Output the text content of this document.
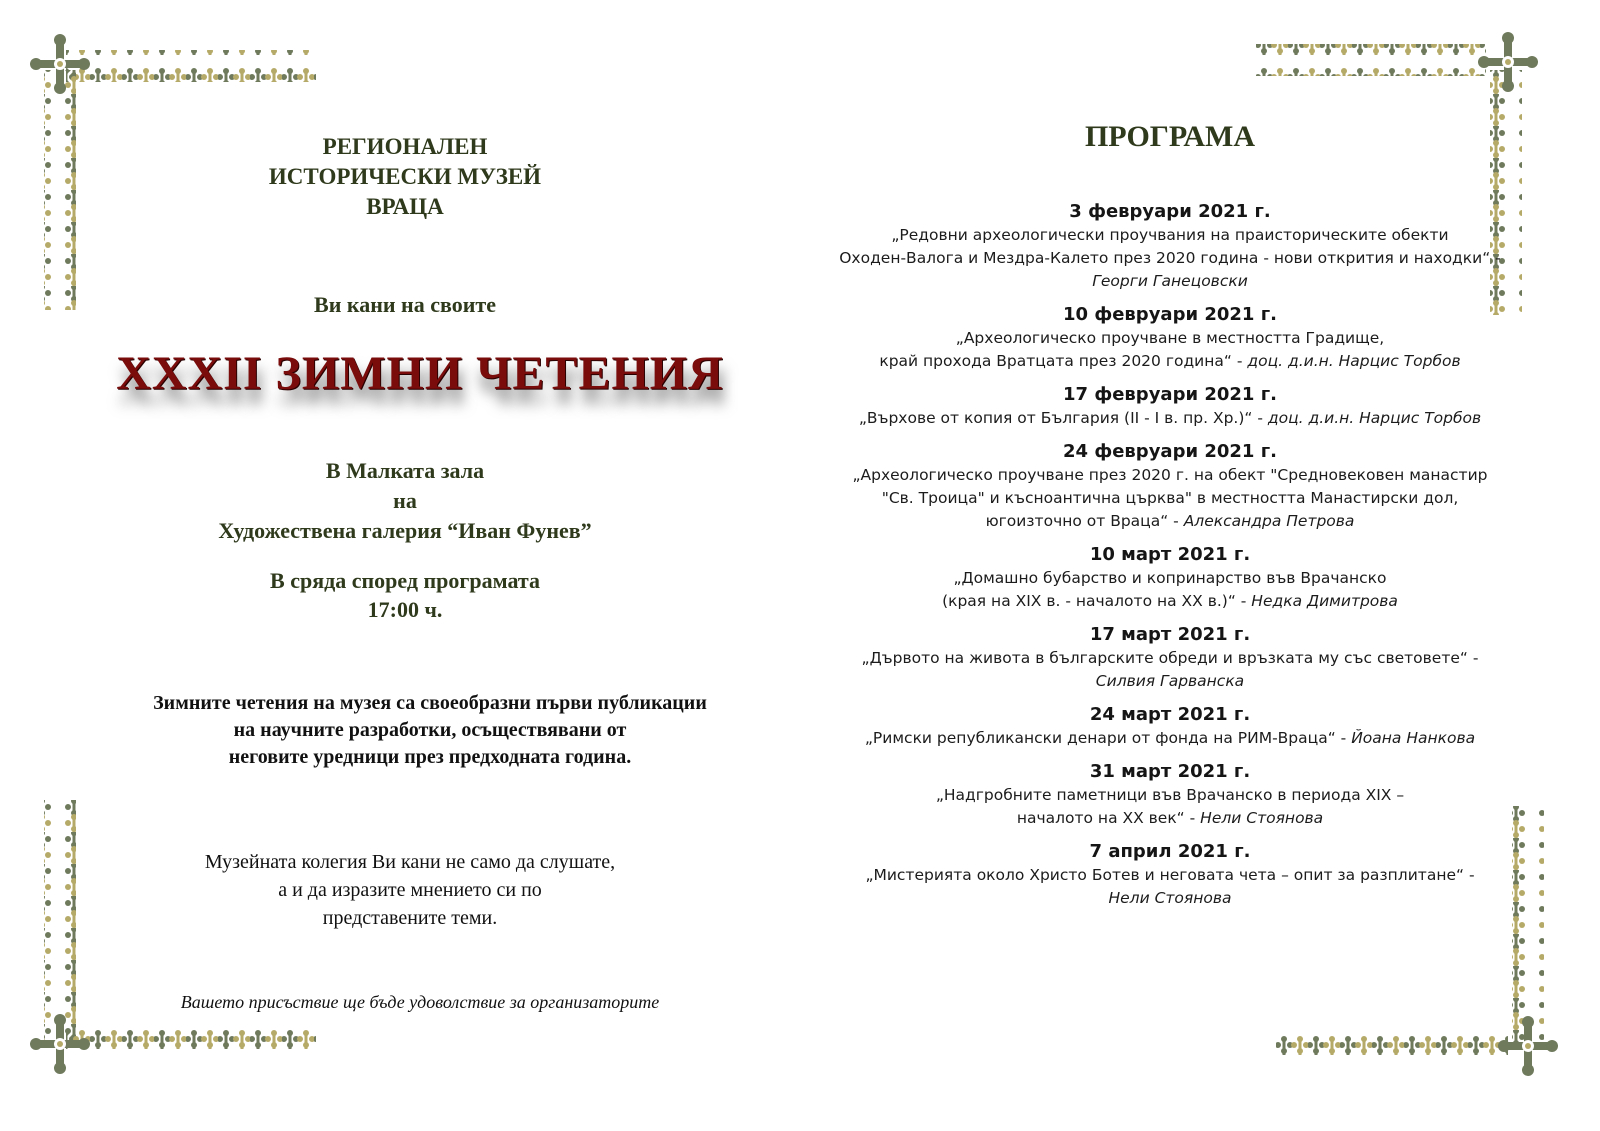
РЕГИОНАЛЕН
ИСТОРИЧЕСКИ МУЗЕЙ
ВРАЦА
Ви кани на своите
XXXII ЗИМНИ ЧЕТЕНИЯ
В Малката зала
на
Художествена галерия “Иван Фунев”
В сряда според програмата
17:00 ч.
Зимните четения на музея са своеобразни първи публикации
на научните разработки, осъществявани от
неговите уредници през предходната година.
Музейната колегия Ви кани не само да слушате,
а и да изразите мнението си по
представените теми.
Вашето присъствие ще бъде удоволствие за организаторите
ПРОГРАМА
3 февруари 2021 г.
„Редовни археологически проучвания на праисторическите обекти
Оходен-Валога и Мездра-Калето през 2020 година - нови открития и находки“ -
Георги Ганецовски
10 февруари 2021 г.
„Археологическо проучване в местността Градище,
край прохода Вратцата през 2020 година“ - доц. д.и.н. Нарцис Торбов
17 февруари 2021 г.
„Върхове от копия от България (II - I в. пр. Хр.)“ - доц. д.и.н. Нарцис Торбов
24 февруари 2021 г.
„Археологическо проучване през 2020 г. на обект "Средновековен манастир
"Св. Троица" и късноантична църква" в местността Манастирски дол,
югоизточно от Враца“ - Александра Петрова
10 март 2021 г.
„Домашно бубарство и копринарство във Врачанско
(края на XIX в. - началото на XX в.)“ - Недка Димитрова
17 март 2021 г.
„Дървото на живота в българските обреди и връзката му със световете“ -
Силвия Гарванска
24 март 2021 г.
„Римски републикански денари от фонда на РИМ-Враца“ - Йоана Нанкова
31 март 2021 г.
„Надгробните паметници във Врачанско в периода XIX –
началото на XX век“ - Нели Стоянова
7 април 2021 г.
„Мистерията около Христо Ботев и неговата чета – опит за разплитане“ -
Нели Стоянова
